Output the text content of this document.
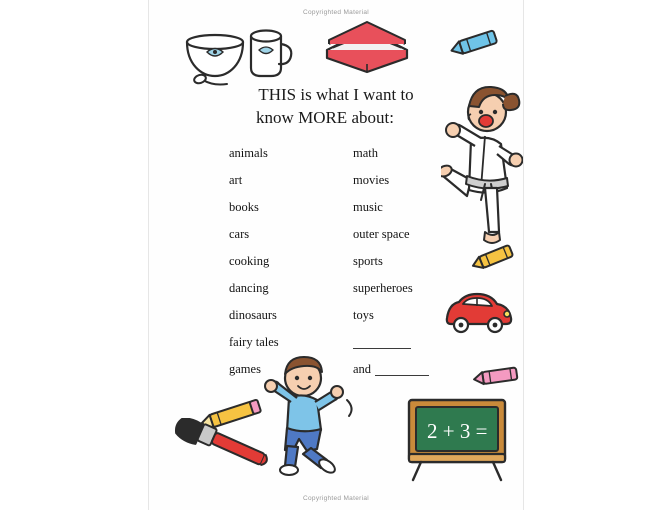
Copyrighted Material
THIS is what I want to
know MORE about:
animals	math
art	movies
books	music
cars	outer space
cooking	sports
dancing	superheroes
dinosaurs	toys
fairy tales
games	and
2 + 3 =
Copyrighted Material
